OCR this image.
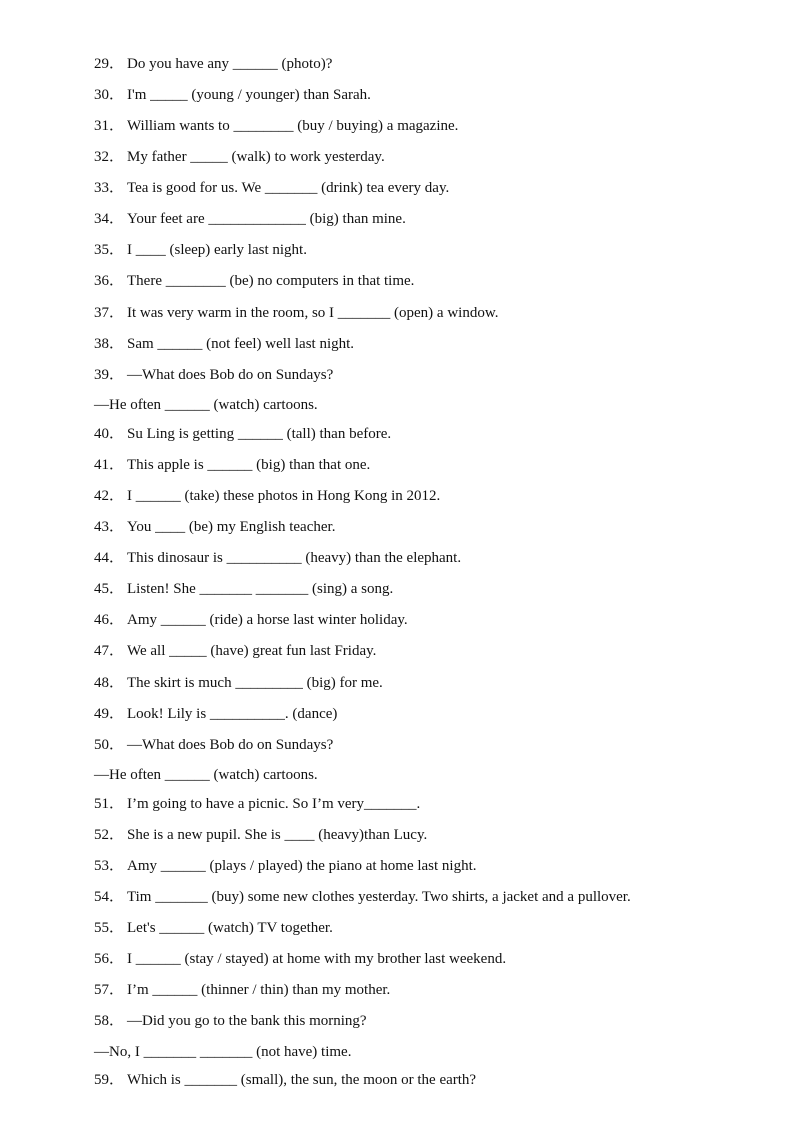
29． Do you have any ______ (photo)?
30． I'm _____ (young / younger) than Sarah.
31． William wants to ________ (buy / buying) a magazine.
32． My father _____ (walk) to work yesterday.
33． Tea is good for us. We _______ (drink) tea every day.
34． Your feet are _____________ (big) than mine.
35． I ____ (sleep) early last night.
36． There ________ (be) no computers in that time.
37． It was very warm in the room, so I _______ (open) a window.
38． Sam ______ (not feel) well last night.
39． —What does Bob do on Sundays?
—He often ______ (watch) cartoons.
40． Su Ling is getting ______ (tall) than before.
41． This apple is ______ (big) than that one.
42． I ______ (take) these photos in Hong Kong in 2012.
43． You ____ (be) my English teacher.
44． This dinosaur is __________ (heavy) than the elephant.
45． Listen! She _______ _______ (sing) a song.
46． Amy ______ (ride) a horse last winter holiday.
47． We all _____ (have) great fun last Friday.
48． The skirt is much _________ (big) for me.
49． Look! Lily is __________. (dance)
50． —What does Bob do on Sundays?
—He often ______ (watch) cartoons.
51． I’m going to have a picnic. So I’m very_______.
52． She is a new pupil. She is ____ (heavy)than Lucy.
53． Amy ______ (plays / played) the piano at home last night.
54． Tim _______ (buy) some new clothes yesterday. Two shirts, a jacket and a pullover.
55． Let's ______ (watch) TV together.
56． I ______ (stay / stayed) at home with my brother last weekend.
57． I’m ______ (thinner / thin) than my mother.
58． —Did you go to the bank this morning?
—No, I _______ _______ (not have) time.
59． Which is _______ (small), the sun, the moon or the earth?
